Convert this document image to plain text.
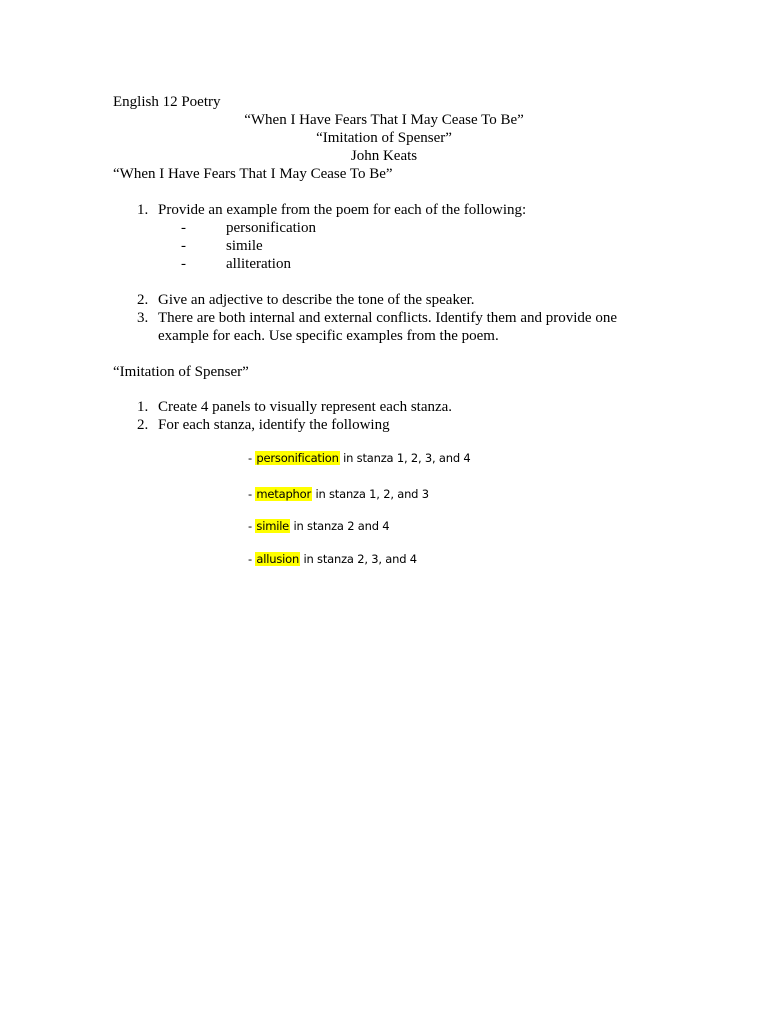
English 12 Poetry
“When I Have Fears That I May Cease To Be”
“Imitation of Spenser”
John Keats
“When I Have Fears That I May Cease To Be”
1. Provide an example from the poem for each of the following:
-	personification
-	simile
-	alliteration
2. Give an adjective to describe the tone of the speaker.
3. There are both internal and external conflicts. Identify them and provide one
example for each. Use specific examples from the poem.
“Imitation of Spenser”
1. Create 4 panels to visually represent each stanza.
2. For each stanza, identify the following
- personification in stanza 1, 2, 3, and 4
- metaphor in stanza 1, 2, and 3
- simile in stanza 2 and 4
- allusion in stanza 2, 3, and 4
